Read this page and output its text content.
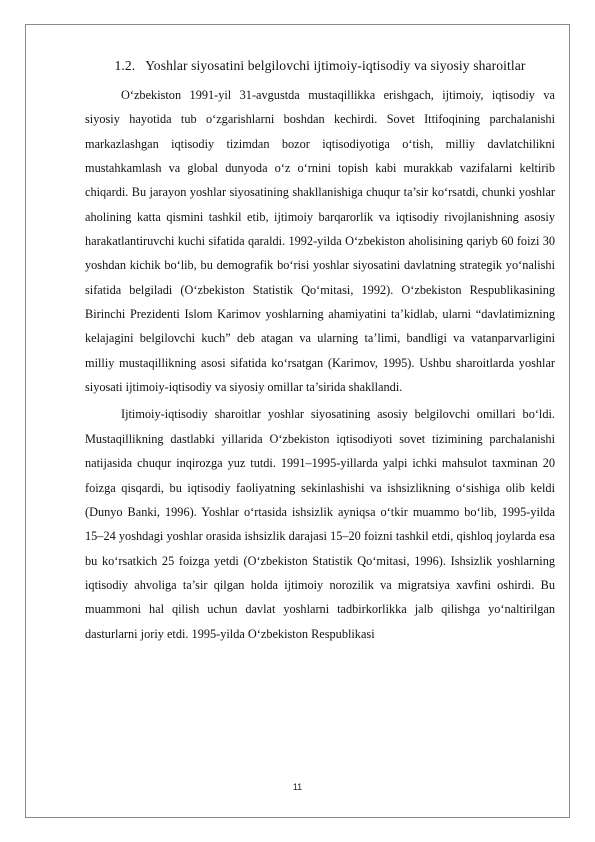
1.2. Yoshlar siyosatini belgilovchi ijtimoiy-iqtisodiy va siyosiy sharoitlar

O‘zbekiston 1991-yil 31-avgustda mustaqillikka erishgach, ijtimoiy, iqtisodiy va siyosiy hayotida tub o‘zgarishlarni boshdan kechirdi. Sovet Ittifoqining parchalanishi markazlashgan iqtisodiy tizimdan bozor iqtisodiyotiga o‘tish, milliy davlatchilikni mustahkamlash va global dunyoda o‘z o‘rnini topish kabi murakkab vazifalarni keltirib chiqardi. Bu jarayon yoshlar siyosatining shakllanishiga chuqur ta’sir ko‘rsatdi, chunki yoshlar aholining katta qismini tashkil etib, ijtimoiy barqarorlik va iqtisodiy rivojlanishning asosiy harakatlantiruvchi kuchi sifatida qaraldi. 1992-yilda O‘zbekiston aholisining qariyb 60 foizi 30 yoshdan kichik bo‘lib, bu demografik bo‘risi yoshlar siyosatini davlatning strategik yo‘nalishi sifatida belgiladi (O‘zbekiston Statistik Qo‘mitasi, 1992). O‘zbekiston Respublikasining Birinchi Prezidenti Islom Karimov yoshlarning ahamiyatini ta’kidlab, ularni “davlatimizning kelajagini belgilovchi kuch” deb atagan va ularning ta’limi, bandligi va vatanparvarligini milliy mustaqillikning asosi sifatida ko‘rsatgan (Karimov, 1995). Ushbu sharoitlarda yoshlar siyosati ijtimoiy-iqtisodiy va siyosiy omillar ta’sirida shakllandi.

Ijtimoiy-iqtisodiy sharoitlar yoshlar siyosatining asosiy belgilovchi omillari bo‘ldi. Mustaqillikning dastlabki yillarida O‘zbekiston iqtisodiyoti sovet tizimining parchalanishi natijasida chuqur inqirozga yuz tutdi. 1991–1995-yillarda yalpi ichki mahsulot taxminan 20 foizga qisqardi, bu iqtisodiy faoliyatning sekinlashishi va ishsizlikning o‘sishiga olib keldi (Dunyo Banki, 1996). Yoshlar o‘rtasida ishsizlik ayniqsa o‘tkir muammo bo‘lib, 1995-yilda 15–24 yoshdagi yoshlar orasida ishsizlik darajasi 15–20 foizni tashkil etdi, qishloq joylarda esa bu ko‘rsatkich 25 foizga yetdi (O‘zbekiston Statistik Qo‘mitasi, 1996). Ishsizlik yoshlarning iqtisodiy ahvoliga ta’sir qilgan holda ijtimoiy norozilik va migratsiya xavfini oshirdi. Bu muammoni hal qilish uchun davlat yoshlarni tadbirkorlikka jalb qilishga yo‘naltirilgan dasturlarni joriy etdi. 1995-yilda O‘zbekiston Respublikasi

11
